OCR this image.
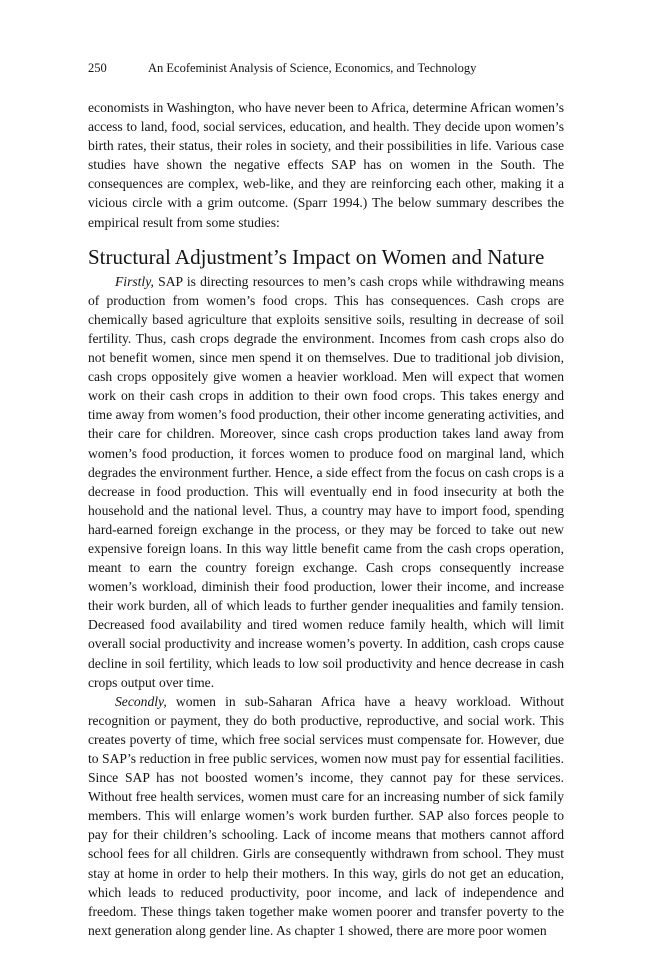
250	An Ecofeminist Analysis of Science, Economics, and Technology

economists in Washington, who have never been to Africa, determine African women’s access to land, food, social services, education, and health. They decide upon women’s birth rates, their status, their roles in society, and their possibilities in life. Various case studies have shown the negative effects SAP has on women in the South. The consequences are complex, web-like, and they are reinforcing each other, making it a vicious circle with a grim outcome. (Sparr 1994.) The below summary describes the empirical result from some studies:

Structural Adjustment’s Impact on Women and Nature

Firstly, SAP is directing resources to men’s cash crops while withdrawing means of production from women’s food crops. This has consequences. Cash crops are chemically based agriculture that exploits sensitive soils, resulting in decrease of soil fertility. Thus, cash crops degrade the environment. Incomes from cash crops also do not benefit women, since men spend it on themselves. Due to traditional job division, cash crops oppositely give women a heavier workload. Men will expect that women work on their cash crops in addition to their own food crops. This takes energy and time away from women’s food production, their other income generating activities, and their care for children. Moreover, since cash crops production takes land away from women’s food production, it forces women to produce food on marginal land, which degrades the environment further. Hence, a side effect from the focus on cash crops is a decrease in food production. This will eventually end in food insecurity at both the household and the national level. Thus, a country may have to import food, spending hard-earned foreign exchange in the process, or they may be forced to take out new expensive foreign loans. In this way little benefit came from the cash crops operation, meant to earn the country foreign exchange. Cash crops consequently increase women’s workload, diminish their food production, lower their income, and increase their work burden, all of which leads to further gender inequalities and family tension. Decreased food availability and tired women reduce family health, which will limit overall social productivity and increase women’s poverty. In addition, cash crops cause decline in soil fertility, which leads to low soil productivity and hence decrease in cash crops output over time.

Secondly, women in sub-Saharan Africa have a heavy workload. Without recognition or payment, they do both productive, reproductive, and social work. This creates poverty of time, which free social services must compensate for. However, due to SAP’s reduction in free public services, women now must pay for essential facilities. Since SAP has not boosted women’s income, they cannot pay for these services. Without free health services, women must care for an increasing number of sick family members. This will enlarge women’s work burden further. SAP also forces people to pay for their children’s schooling. Lack of income means that mothers cannot afford school fees for all children. Girls are consequently withdrawn from school. They must stay at home in order to help their mothers. In this way, girls do not get an education, which leads to reduced productivity, poor income, and lack of independence and freedom. These things taken together make women poorer and transfer poverty to the next generation along gender line. As chapter 1 showed, there are more poor women
